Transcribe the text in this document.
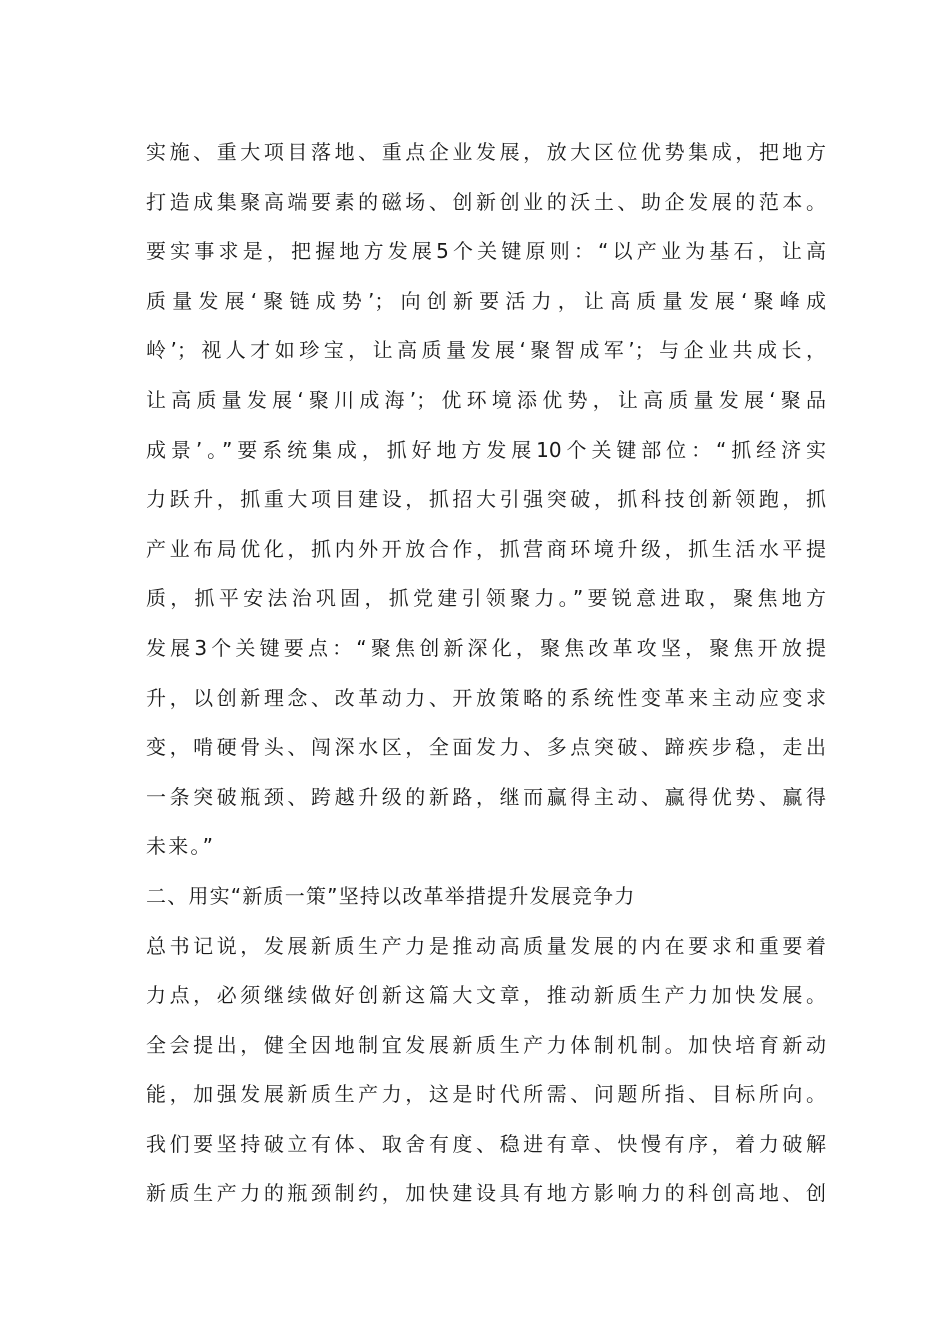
实施、重大项目落地、重点企业发展，放大区位优势集成，把地方
打造成集聚高端要素的磁场、创新创业的沃土、助企发展的范本。
要实事求是，把握地方发展5个关键原则：“以产业为基石，让高
质量发展‘聚链成势’；向创新要活力，让高质量发展‘聚峰成
岭’；视人才如珍宝，让高质量发展‘聚智成军’；与企业共成长，
让高质量发展‘聚川成海’；优环境添优势，让高质量发展‘聚品
成景’。”要系统集成，抓好地方发展10个关键部位：“抓经济实
力跃升，抓重大项目建设，抓招大引强突破，抓科技创新领跑，抓
产业布局优化，抓内外开放合作，抓营商环境升级，抓生活水平提
质，抓平安法治巩固，抓党建引领聚力。”要锐意进取，聚焦地方
发展3个关键要点：“聚焦创新深化，聚焦改革攻坚，聚焦开放提
升，以创新理念、改革动力、开放策略的系统性变革来主动应变求
变，啃硬骨头、闯深水区，全面发力、多点突破、蹄疾步稳，走出
一条突破瓶颈、跨越升级的新路，继而赢得主动、赢得优势、赢得
未来。”
二、用实“新质一策”坚持以改革举措提升发展竞争力
总书记说，发展新质生产力是推动高质量发展的内在要求和重要着
力点，必须继续做好创新这篇大文章，推动新质生产力加快发展。
全会提出，健全因地制宜发展新质生产力体制机制。加快培育新动
能，加强发展新质生产力，这是时代所需、问题所指、目标所向。
我们要坚持破立有体、取舍有度、稳进有章、快慢有序，着力破解
新质生产力的瓶颈制约，加快建设具有地方影响力的科创高地、创
